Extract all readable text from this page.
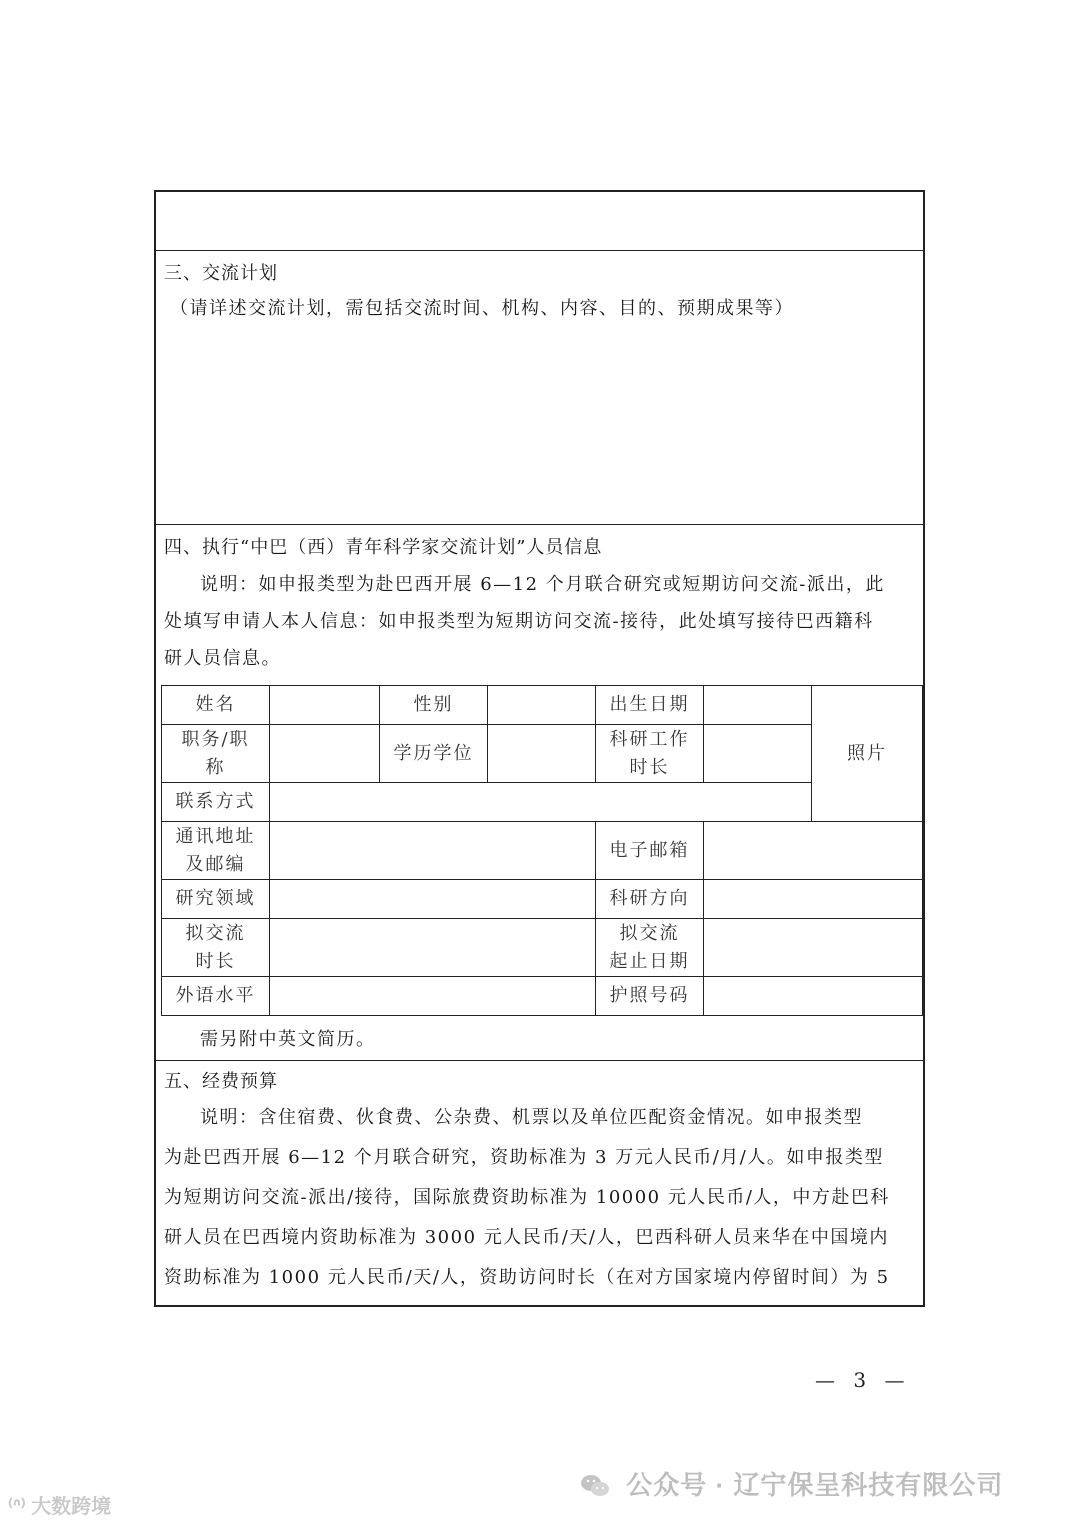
三、交流计划
（请详述交流计划，需包括交流时间、机构、内容、目的、预期成果等）
四、执行“中巴（西）青年科学家交流计划”人员信息
说明：如申报类型为赴巴西开展 6—12 个月联合研究或短期访问交流-派出，此
处填写申请人本人信息：如申报类型为短期访问交流-接待，此处填写接待巴西籍科
研人员信息。
姓名		性别		出生日期		照片
职务/职
称		学历学位		科研工作
时长		
联系方式						
通讯地址
及邮编				电子邮箱		
研究领域				科研方向		
拟交流
时长				拟交流
起止日期		
外语水平				护照号码		
需另附中英文简历。
五、经费预算
说明：含住宿费、伙食费、公杂费、机票以及单位匹配资金情况。如申报类型
为赴巴西开展 6—12 个月联合研究，资助标准为 3 万元人民币/月/人。如申报类型
为短期访问交流-派出/接待，国际旅费资助标准为 10000 元人民币/人，中方赴巴科
研人员在巴西境内资助标准为 3000 元人民币/天/人，巴西科研人员来华在中国境内
资助标准为 1000 元人民币/天/人，资助访问时长（在对方国家境内停留时间）为 5
— 3 —
⁽ᐢ⁾ 大数跨境
公众号 · 辽宁保呈科技有限公司
